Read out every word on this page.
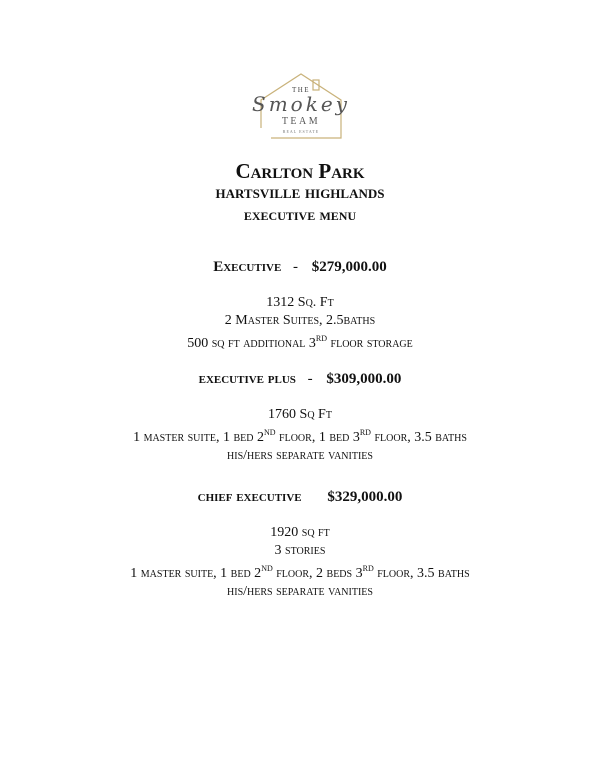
THE
Smokey
TEAM
REAL ESTATE
Carlton Park
hartsville highlands
executive menu
Executive - $279,000.00
1312 Sq. Ft
2 Master Suites, 2.5baths
500 sq ft additional 3RD floor storage
executive plus - $309,000.00
1760 Sq Ft
1 master suite, 1 bed 2ND floor, 1 bed 3RD floor, 3.5 baths
his/hers separate vanities
chief executive $329,000.00
1920 sq ft
3 stories
1 master suite, 1 bed 2ND floor, 2 beds 3RD floor, 3.5 baths
his/hers separate vanities
